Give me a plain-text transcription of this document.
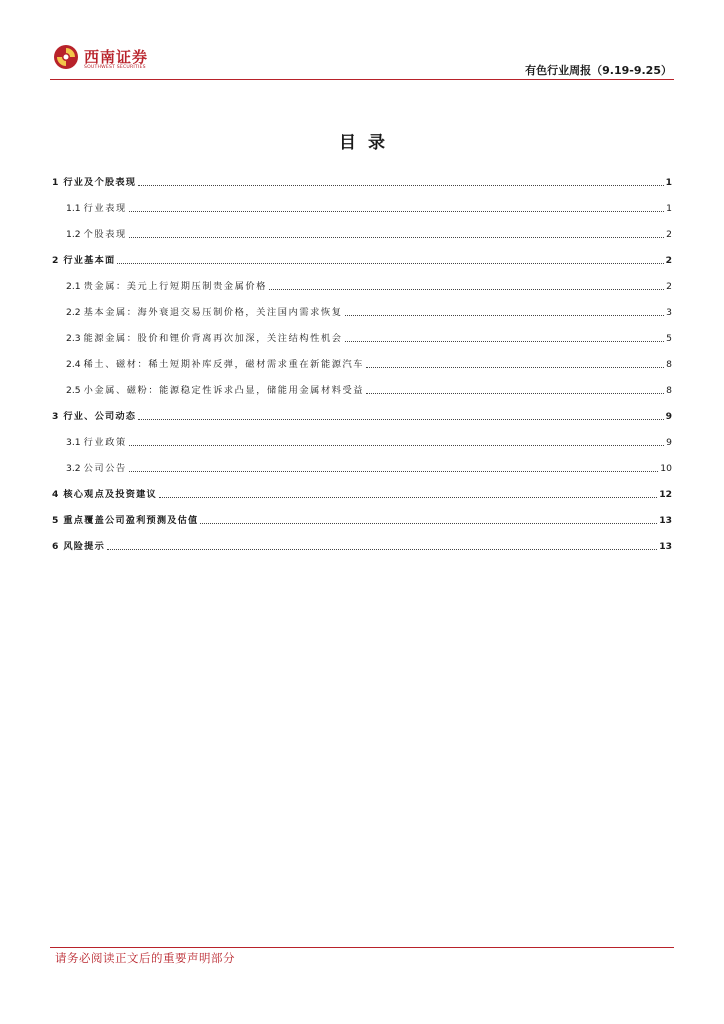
西南证券
SOUTHWEST SECURITIES	有色行业周报（9.19-9.25）
目录
1 行业及个股表现	1
1.1 行业表现	1
1.2 个股表现	2
2 行业基本面	2
2.1 贵金属：美元上行短期压制贵金属价格	2
2.2 基本金属：海外衰退交易压制价格，关注国内需求恢复	3
2.3 能源金属：股价和锂价背离再次加深，关注结构性机会	5
2.4 稀土、磁材：稀土短期补库反弹，磁材需求重在新能源汽车	8
2.5 小金属、磁粉：能源稳定性诉求凸显，储能用金属材料受益	8
3 行业、公司动态	9
3.1 行业政策	9
3.2 公司公告	10
4 核心观点及投资建议	12
5 重点覆盖公司盈利预测及估值	13
6 风险提示	13
请务必阅读正文后的重要声明部分
